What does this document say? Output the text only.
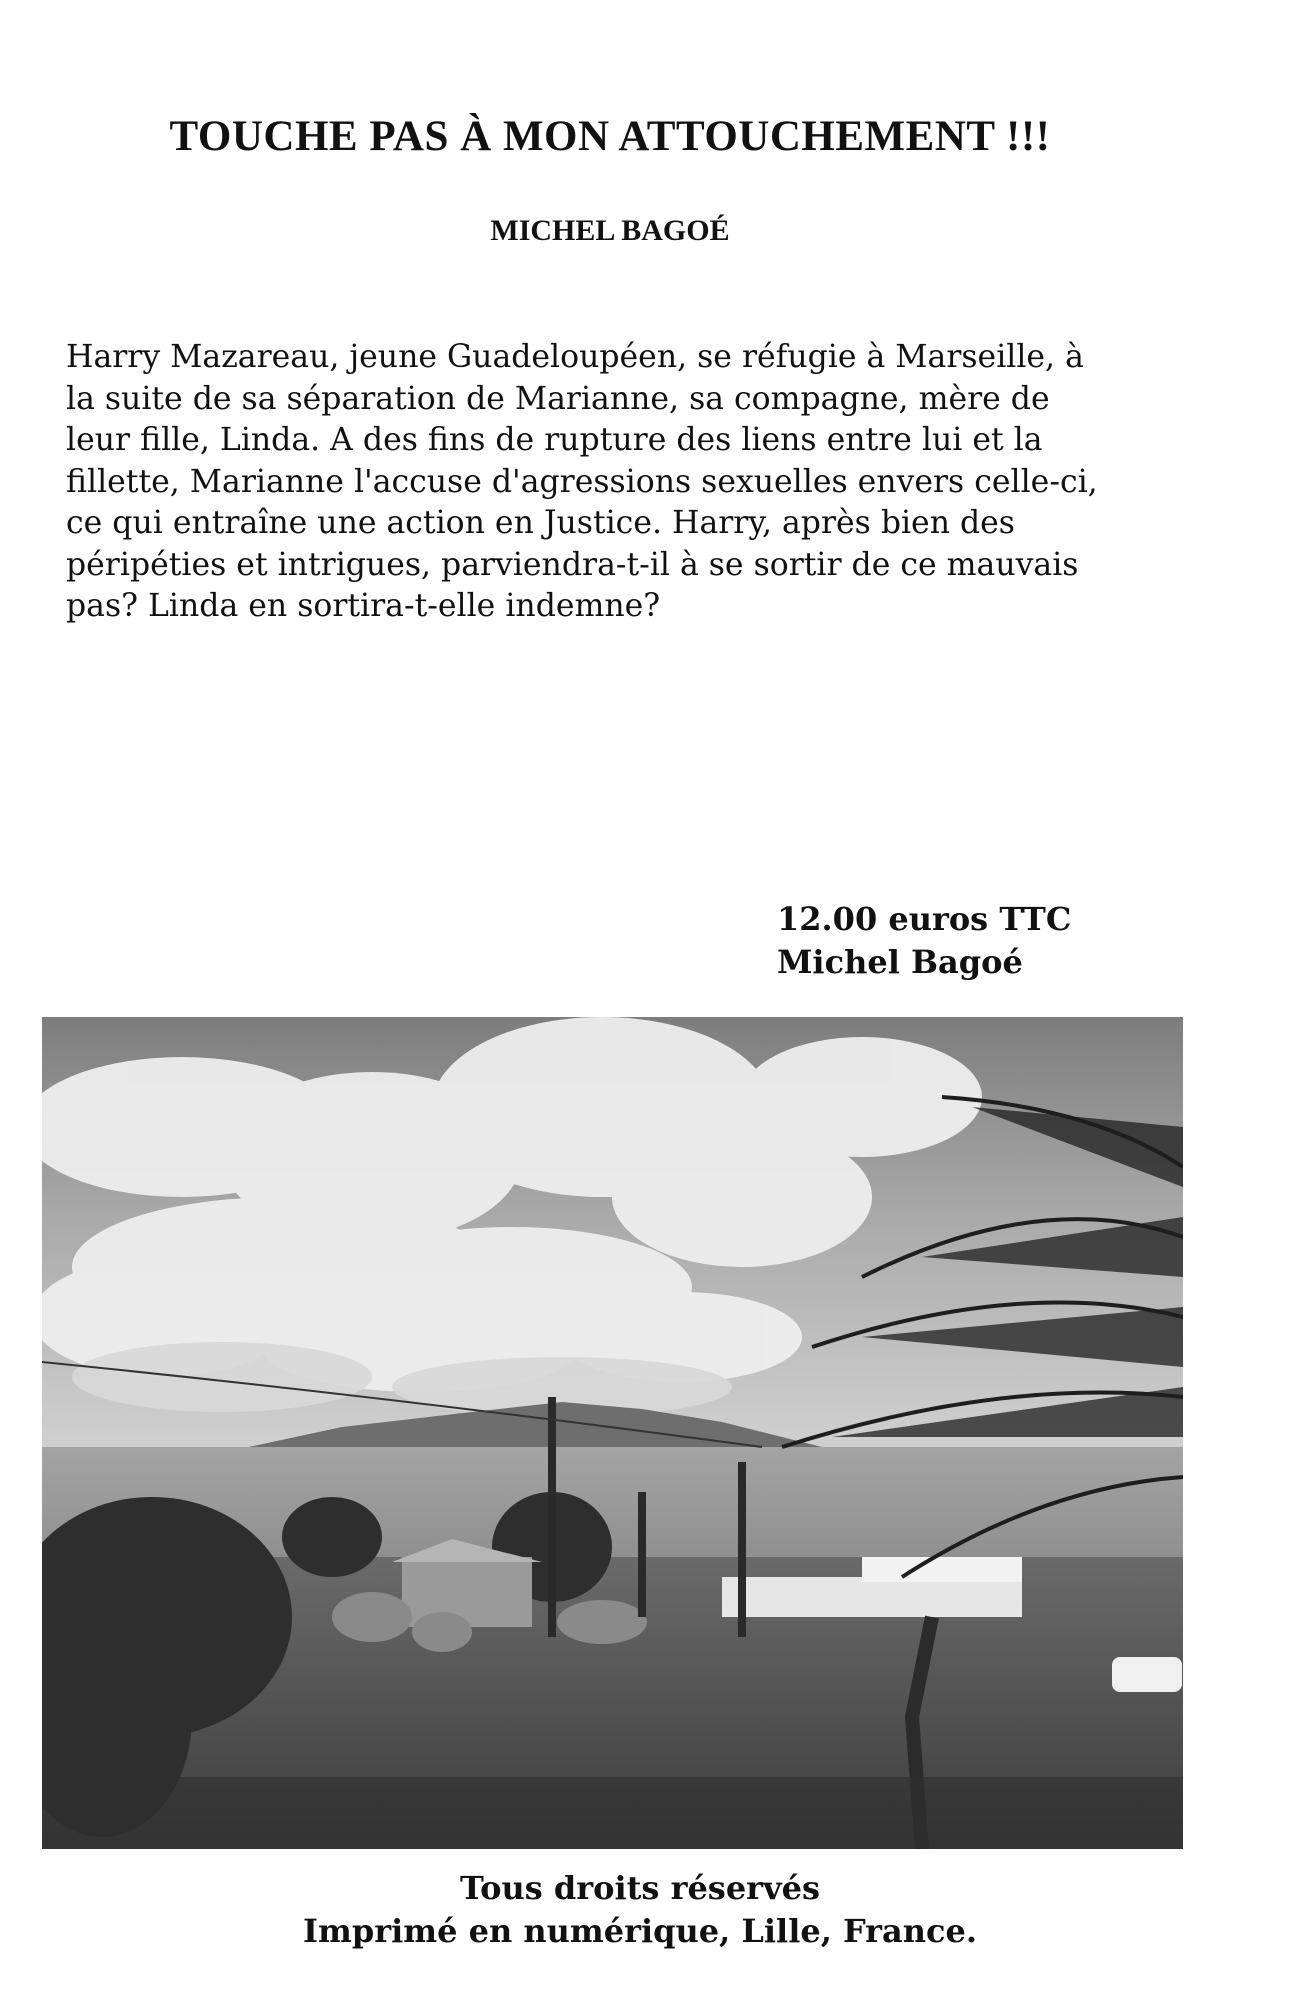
TOUCHE PAS À MON ATTOUCHEMENT !!!
MICHEL BAGOÉ
Harry Mazareau, jeune Guadeloupéen, se réfugie à Marseille, à
la suite de sa séparation de Marianne, sa compagne, mère de
leur fille, Linda. A des fins de rupture des liens entre lui et la
fillette, Marianne l'accuse d'agressions sexuelles envers celle-ci,
ce qui entraîne une action en Justice. Harry, après bien des
péripéties et intrigues, parviendra-t-il à se sortir de ce mauvais
pas? Linda en sortira-t-elle indemne?
12.00 euros TTC
Michel Bagoé
Tous droits réservés
Imprimé en numérique, Lille, France.
